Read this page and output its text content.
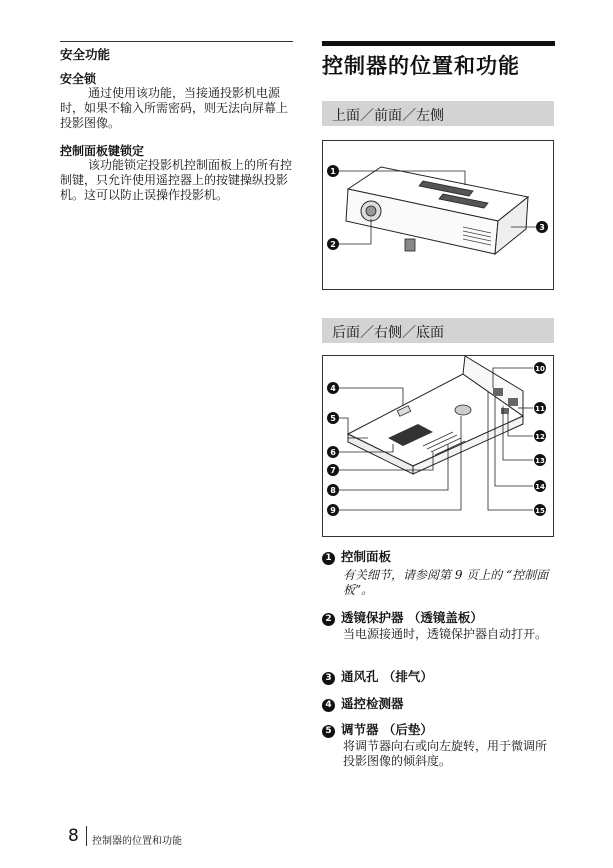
安全功能
安全锁
通过使用该功能，当接通投影机电源时，如果不输入所需密码，则无法向屏幕上投影图像。
控制面板键锁定
该功能锁定投影机控制面板上的所有控制键，只允许使用遥控器上的按键操纵投影机。这可以防止误操作投影机。
控制器的位置和功能
上面／前面／左侧
1
2
3
后面／右侧／底面
4
5
6
7
8
9
10
11
12
13
14
15
1 控制面板
有关细节，请参阅第 9 页上的 “控制面板”。
2 透镜保护器 （透镜盖板）
当电源接通时，透镜保护器自动打开。
3 通风孔 （排气）
4 遥控检测器
5 调节器 （后垫）
将调节器向右或向左旋转，用于微调所投影图像的倾斜度。
8 控制器的位置和功能
